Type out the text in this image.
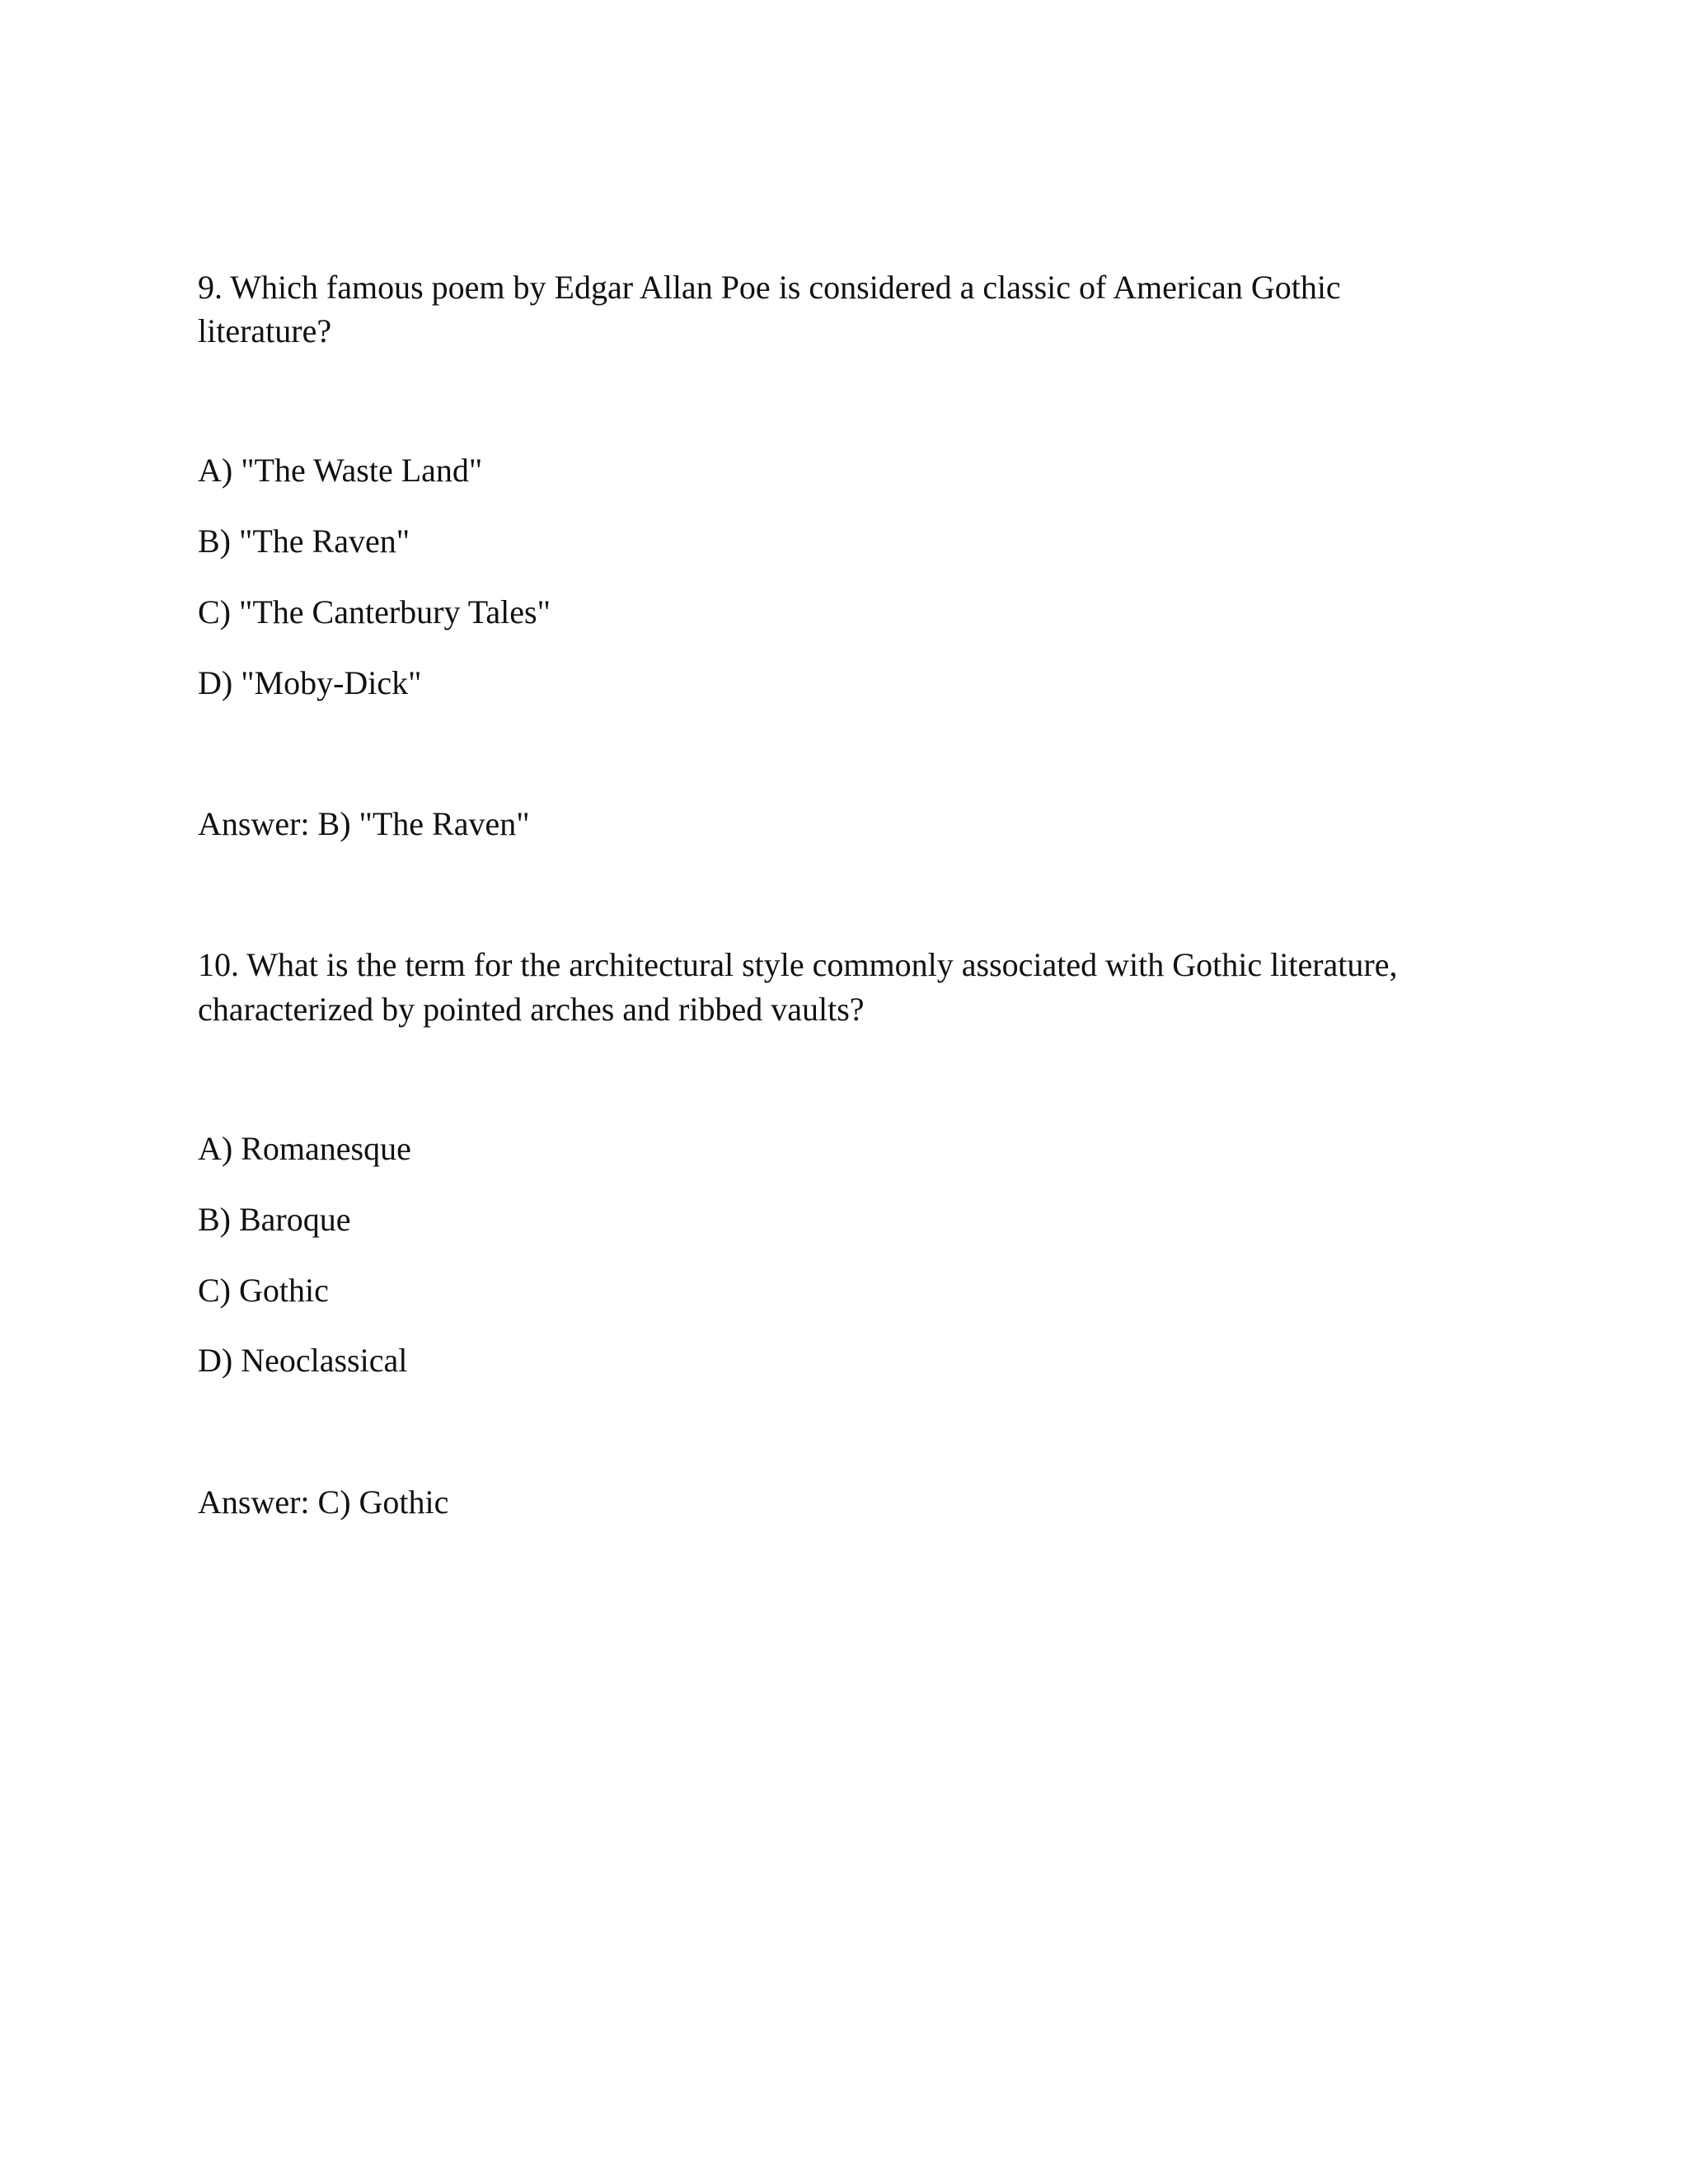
9. Which famous poem by Edgar Allan Poe is considered a classic of American Gothic

literature?

A) "The Waste Land"

B) "The Raven"

C) "The Canterbury Tales"

D) "Moby-Dick"

Answer: B) "The Raven"

10. What is the term for the architectural style commonly associated with Gothic literature,

characterized by pointed arches and ribbed vaults?

A) Romanesque

B) Baroque

C) Gothic

D) Neoclassical

Answer: C) Gothic
